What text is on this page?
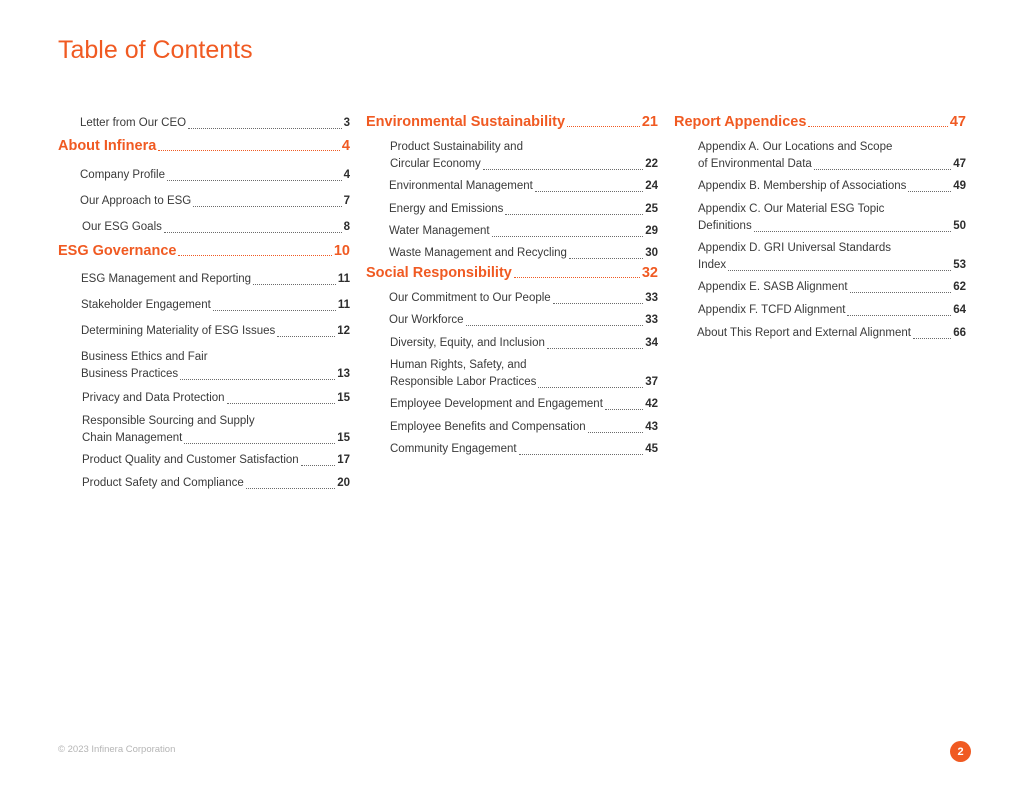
Table of Contents
Letter from Our CEO	3
About Infinera	4
Company Profile	4
Our Approach to ESG	7
Our ESG Goals	8
ESG Governance	10
ESG Management and Reporting	11
Stakeholder Engagement	11
Determining Materiality of ESG Issues	12
Business Ethics and Fair
Business Practices	13
Privacy and Data Protection	15
Responsible Sourcing and Supply
Chain Management	15
Product Quality and Customer Satisfaction	17
Product Safety and Compliance	20
Environmental Sustainability	21
Product Sustainability and
Circular Economy	22
Environmental Management	24
Energy and Emissions	25
Water Management	29
Waste Management and Recycling	30
Social Responsibility	32
Our Commitment to Our People	33
Our Workforce	33
Diversity, Equity, and Inclusion	34
Human Rights, Safety, and
Responsible Labor Practices	37
Employee Development and Engagement	42
Employee Benefits and Compensation	43
Community Engagement	45
Report Appendices	47
Appendix A. Our Locations and Scope
of Environmental Data	47
Appendix B. Membership of Associations	49
Appendix C. Our Material ESG Topic
Definitions	50
Appendix D. GRI Universal Standards
Index	53
Appendix E. SASB Alignment	62
Appendix F. TCFD Alignment	64
About This Report and External Alignment	66
© 2023 Infinera Corporation	2
